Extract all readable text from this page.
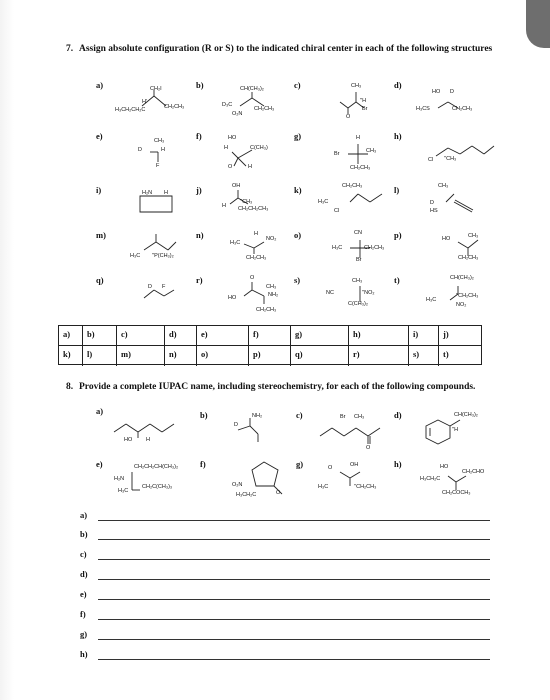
7. Assign absolute configuration (R or S) to the indicated chiral center in each of the following structures
a)	b)	c)	d)
e)	f)	g)	h)
i)	j)	k)	l)
m)	n)	o)	p)
q)	r)	s)	t)
CH₂I
H'
CH₂CH₃
H₃CH₂CH₂C
CH(CH₃)₂
D₃C
O₂N
CH₂CH₃
CH₃
''H
Br
O
HO D
H₃CS	CH₂CH₃
CH₃
D	H
F
HO
H	C(CH₃)
O	H
H
Br	CH₃
CH₂CH₃
Cl ''CH₃
H₂N H
OH
H
''CH₃
CH₂CH₂CH₃
CH₂CH₃
H₃C
Cl
CH₃
D
HS
H₃C ''P(CH₃)₂
H
H₃C
NO₂
CH₂CH₃
CN
H₃C	CH₂CH₃
Br
HO	CH₃
CH₂CH₃
D F
O
HO
CH₃
NH₂
CH₂CH₃
CH₃
NC	''NO₂
C(CH₃)₂
CH(CH₃)₂
H₃C
''CH₂CH₃
NO₂
a)	b)	c)	d)	e)	f)	g)	h)	i)	j)
k)	l)	m)	n)	o)	p)	q)	r)	s)	t)
8. Provide a complete IUPAC name, including stereochemistry, for each of the following compounds.
a)	b)	c)	d)
e)	f)	g)	h)
HO	H
D
NH₂	Br CH₃
O
CH(CH₃)₂
''H
CH₂CH₂CH(CH₃)₂
H₂N
H₃C
CH₂C(CH₃)₃	O₂N
H₃CH₂C	O
O	OH
H₃C	''CH₂CH₃
HO
H₃CH₂C
CH₂CHO
CH₂COCH₃
a)
b)
c)
d)
e)
f)
g)
h)
